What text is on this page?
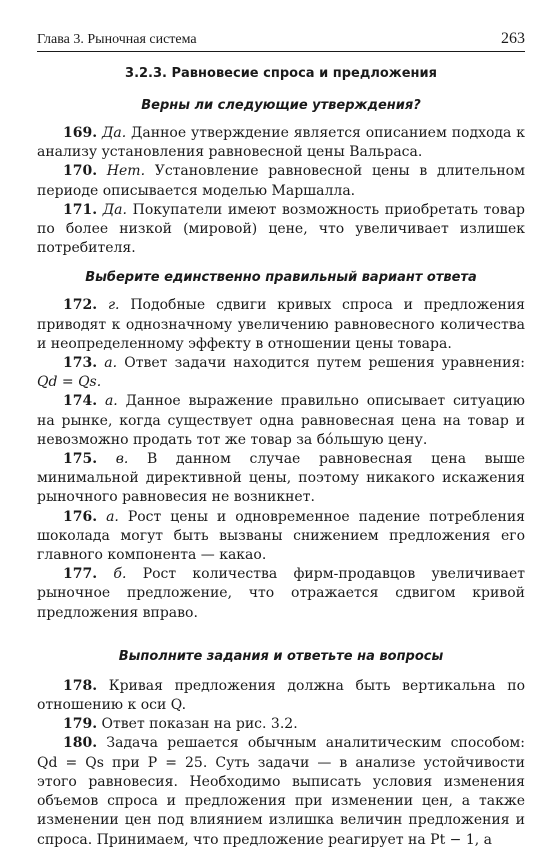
Глава 3. Рыночная система	263
3.2.3. Равновесие спроса и предложения
Верны ли следующие утверждения?

169. Да. Данное утверждение является описанием подхода к анализу установления равновесной цены Вальраса.

170. Нет. Установление равновесной цены в длительном периоде описывается моделью Маршалла.

171. Да. Покупатели имеют возможность приобретать товар по более низкой (мировой) цене, что увеличивает излишек потребителя.

Выберите единственно правильный вариант ответа

172. г. Подобные сдвиги кривых спроса и предложения приводят к однозначному увеличению равновесного количества и неопределенному эффекту в отношении цены товара.

173. а. Ответ задачи находится путем решения уравнения: Qd = Qs.

174. а. Данное выражение правильно описывает ситуацию на рынке, когда существует одна равновесная цена на товар и невозможно продать тот же товар за бóльшую цену.

175. в. В данном случае равновесная цена выше минимальной директивной цены, поэтому никакого искажения рыночного равновесия не возникнет.

176. а. Рост цены и одновременное падение потребления шоколада могут быть вызваны снижением предложения его главного компонента — какао.

177. б. Рост количества фирм-продавцов увеличивает рыночное предложение, что отражается сдвигом кривой предложения вправо.

Выполните задания и ответьте на вопросы

178. Кривая предложения должна быть вертикальна по отношению к оси Q.

179. Ответ показан на рис. 3.2.

180. Задача решается обычным аналитическим способом: Qd = Qs при P = 25. Суть задачи — в анализе устойчивости этого равновесия. Необходимо выписать условия изменения объемов спроса и предложения при изменении цен, а также изменении цен под влиянием излишка величин предложения и спроса. Принимаем, что предложение реагирует на Pt − 1, а
